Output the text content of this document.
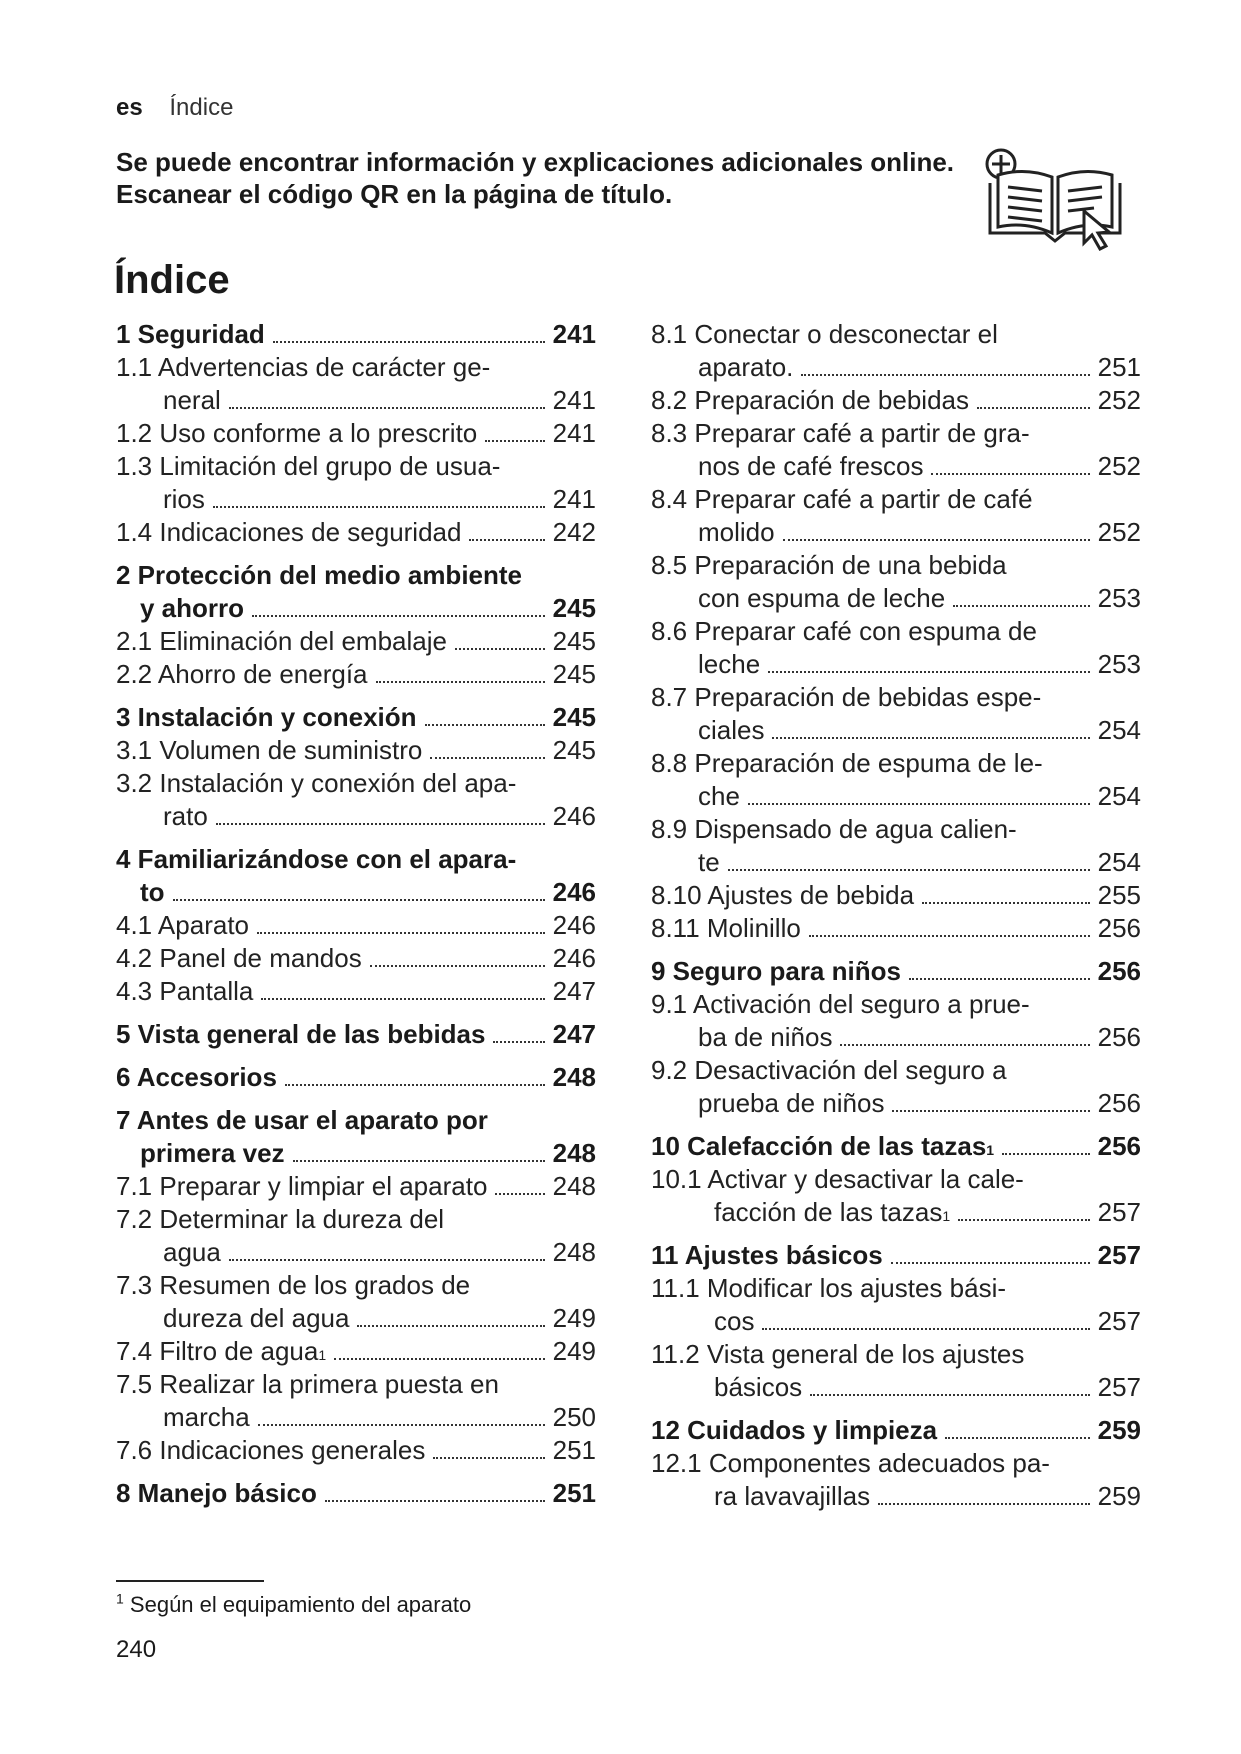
es Índice
Se puede encontrar información y explicaciones adicionales online. Escanear el código QR en la página de título.
Índice
1 Seguridad	241
1.1 Advertencias de carácter ge-
neral	241
1.2 Uso conforme a lo prescrito	241
1.3 Limitación del grupo de usua-
rios	241
1.4 Indicaciones de seguridad	242
2 Protección del medio ambiente
y ahorro	245
2.1 Eliminación del embalaje	245
2.2 Ahorro de energía	245
3 Instalación y conexión	245
3.1 Volumen de suministro	245
3.2 Instalación y conexión del apa-
rato	246
4 Familiarizándose con el apara-
to	246
4.1 Aparato	246
4.2 Panel de mandos	246
4.3 Pantalla	247
5 Vista general de las bebidas	247
6 Accesorios	248
7 Antes de usar el aparato por
primera vez	248
7.1 Preparar y limpiar el aparato	248
7.2 Determinar la dureza del
agua	248
7.3 Resumen de los grados de
dureza del agua	249
7.4 Filtro de agua 1	249
7.5 Realizar la primera puesta en
marcha	250
7.6 Indicaciones generales	251
8 Manejo básico	251
8.1 Conectar o desconectar el
aparato.	251
8.2 Preparación de bebidas	252
8.3 Preparar café a partir de gra-
nos de café frescos	252
8.4 Preparar café a partir de café
molido	252
8.5 Preparación de una bebida
con espuma de leche	253
8.6 Preparar café con espuma de
leche	253
8.7 Preparación de bebidas espe-
ciales	254
8.8 Preparación de espuma de le-
che	254
8.9 Dispensado de agua calien-
te	254
8.10 Ajustes de bebida	255
8.11 Molinillo	256
9 Seguro para niños	256
9.1 Activación del seguro a prue-
ba de niños	256
9.2 Desactivación del seguro a
prueba de niños	256
10 Calefacción de las tazas 1	256
10.1 Activar y desactivar la cale-
facción de las tazas 1	257
11 Ajustes básicos	257
11.1 Modificar los ajustes bási-
cos	257
11.2 Vista general de los ajustes
básicos	257
12 Cuidados y limpieza	259
12.1 Componentes adecuados pa-
ra lavavajillas	259
$^1$ Según el equipamiento del aparato
240
